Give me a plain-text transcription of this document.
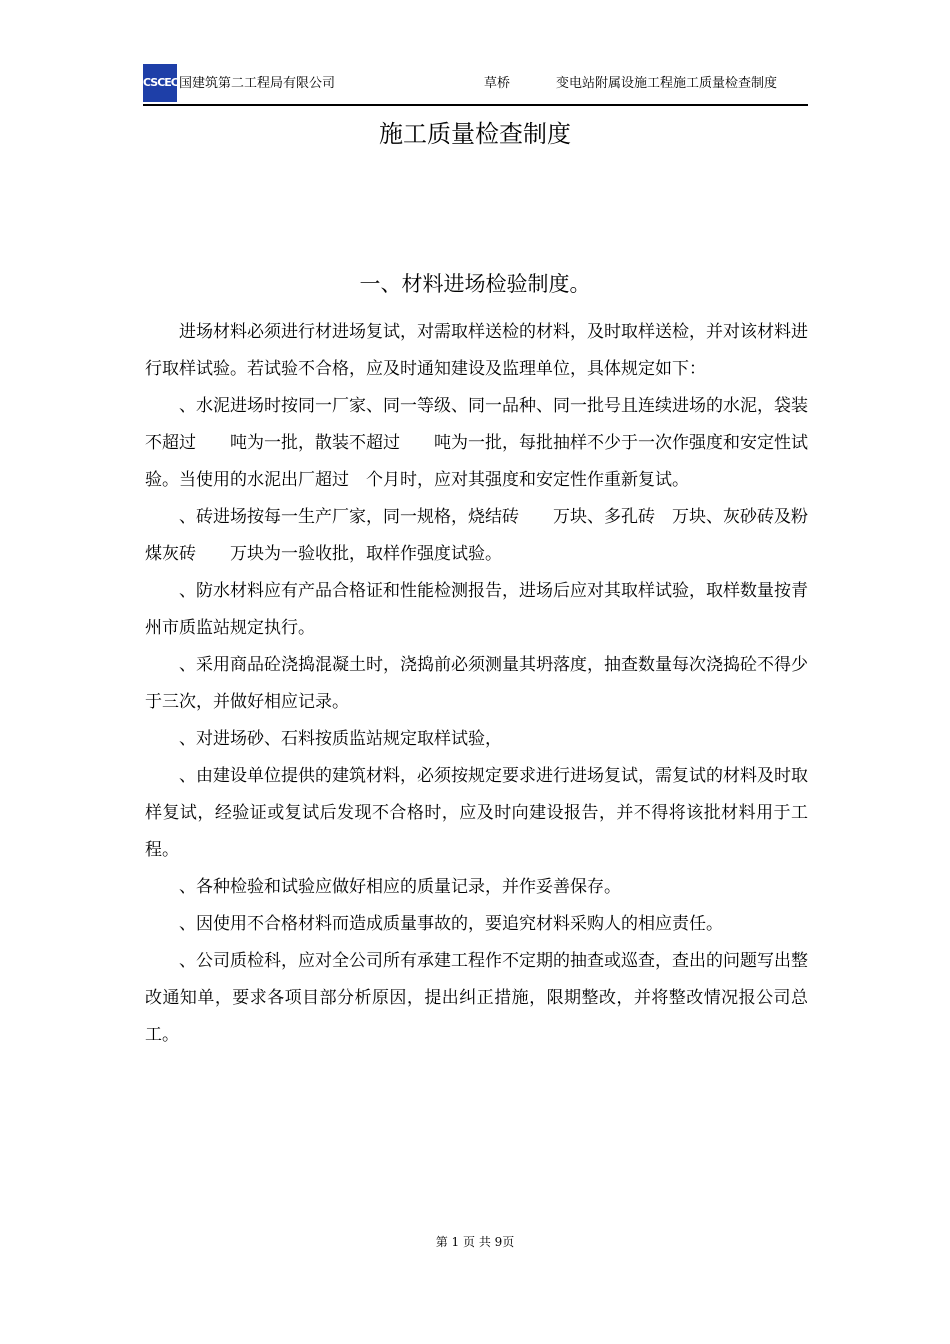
CSCEC 国建筑第二工程局有限公司	草桥	变电站附属设施工程施工质量检查制度
施工质量检查制度
一、材料进场检验制度。

进场材料必须进行材进场复试，对需取样送检的材料，及时取样送检，并对该材料进行取样试验。若试验不合格，应及时通知建设及监理单位，具体规定如下：

、水泥进场时按同一厂家、同一等级、同一品种、同一批号且连续进场的水泥，袋装不超过　　吨为一批，散装不超过　　吨为一批，每批抽样不少于一次作强度和安定性试验。当使用的水泥出厂超过　个月时，应对其强度和安定性作重新复试。

、砖进场按每一生产厂家，同一规格，烧结砖　　万块、多孔砖　万块、灰砂砖及粉煤灰砖　　万块为一验收批，取样作强度试验。

、防水材料应有产品合格证和性能检测报告，进场后应对其取样试验，取样数量按青州市质监站规定执行。

、采用商品砼浇捣混凝土时，浇捣前必须测量其坍落度，抽查数量每次浇捣砼不得少于三次，并做好相应记录。

、对进场砂、石料按质监站规定取样试验，

、由建设单位提供的建筑材料，必须按规定要求进行进场复试，需复试的材料及时取样复试，经验证或复试后发现不合格时，应及时向建设报告，并不得将该批材料用于工程。

、各种检验和试验应做好相应的质量记录，并作妥善保存。

、因使用不合格材料而造成质量事故的，要追究材料采购人的相应责任。

、公司质检科，应对全公司所有承建工程作不定期的抽查或巡查，查出的问题写出整改通知单，要求各项目部分析原因，提出纠正措施，限期整改，并将整改情况报公司总工。

第 1 页 共 9页
